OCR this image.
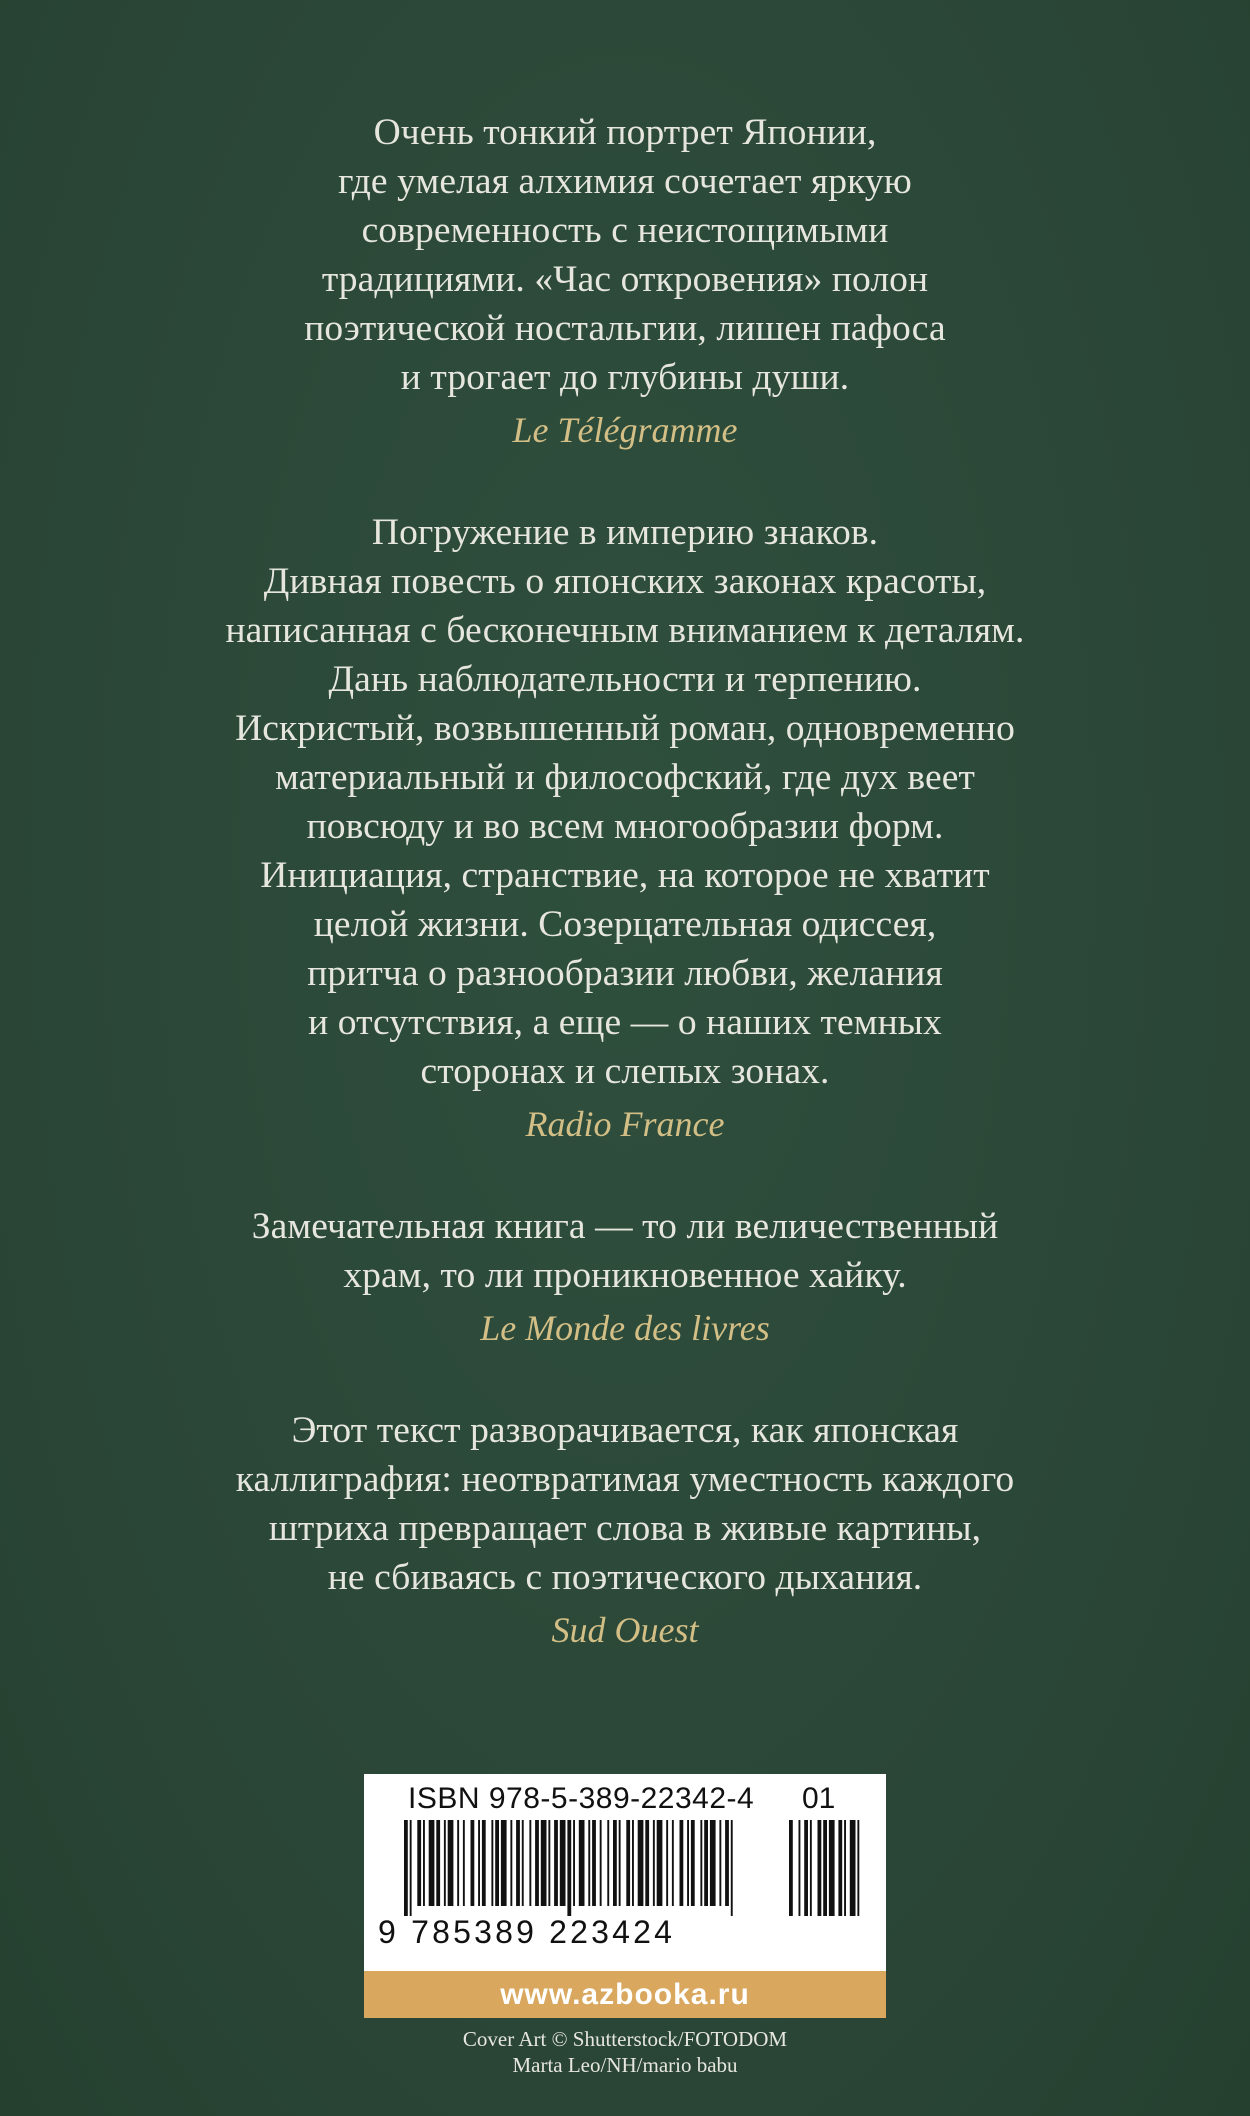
Очень тонкий портрет Японии,
где умелая алхимия сочетает яркую
современность с неистощимыми
традициями. «Час откровения» полон
поэтической ностальгии, лишен пафоса
и трогает до глубины души.
Le Télégramme
Погружение в империю знаков.
Дивная повесть о японских законах красоты,
написанная с бесконечным вниманием к деталям.
Дань наблюдательности и терпению.
Искристый, возвышенный роман, одновременно
материальный и философский, где дух веет
повсюду и во всем многообразии форм.
Инициация, странствие, на которое не хватит
целой жизни. Созерцательная одиссея,
притча о разнообразии любви, желания
и отсутствия, а еще — о наших темных
сторонах и слепых зонах.
Radio France
Замечательная книга — то ли величественный
храм, то ли проникновенное хайку.
Le Monde des livres
Этот текст разворачивается, как японская
каллиграфия: неотвратимая уместность каждого
штриха превращает слова в живые картины,
не сбиваясь с поэтического дыхания.
Sud Ouest
ISBN 978-5-389-22342-4 01
9 785389 223424
www.azbooka.ru
Cover Art © Shutterstock/FOTODOM
Marta Leo/NH/mario babu
